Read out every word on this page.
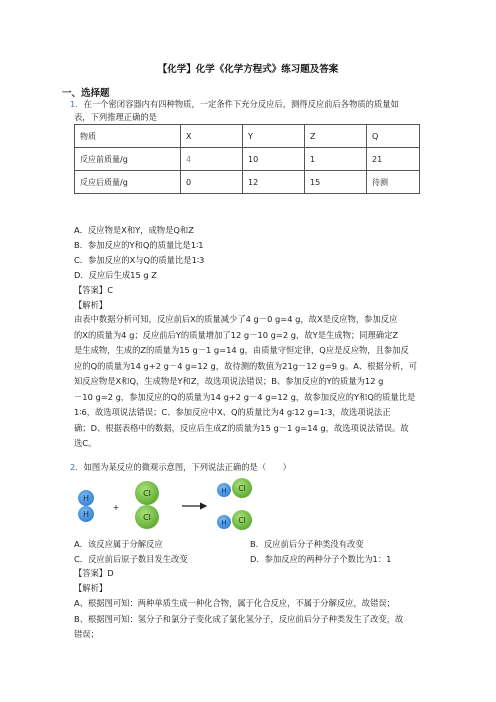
【化学】化学《化学方程式》练习题及答案
一、选择题
1．在一个密闭容器内有四种物质，一定条件下充分反应后，测得反应前后各物质的质量如
表，下列推理正确的是
物质	X	Y	Z	Q
反应前质量/g	4	10	1	21
反应后质量/g	0	12	15	待测
A．反应物是X和Y，成物是Q和Z
B．参加反应的Y和Q的质量比是1∶1
C．参加反应的X与Q的质量比是1∶3
D．反应后生成15 g Z
【答案】C
【解析】
由表中数据分析可知，反应前后X的质量减少了4 g－0 g=4 g，故X是反应物，参加反应
的X的质量为4 g；反应前后Y的质量增加了12 g－10 g=2 g，故Y是生成物；同理确定Z
是生成物，生成的Z的质量为15 g－1 g=14 g，由质量守恒定律，Q应是反应物，且参加反
应的Q的质量为14 g+2 g－4 g=12 g，故待测的数值为21g－12 g=9 g。A、根据分析，可
知反应物是X和Q，生成物是Y和Z，故选项说法错误；B、参加反应的Y的质量为12 g
－10 g=2 g，参加反应的Q的质量为14 g+2 g－4 g=12 g，故参加反应的Y和Q的质量比是
1∶6，故选项说法错误；C、参加反应中X、Q的质量比为4 g∶12 g=1∶3，故选项说法正
确；D、根据表格中的数据，反应后生成Z的质量为15 g－1 g=14 g，故选项说法错误。故
选C。
2．如图为某反应的微观示意图，下列说法正确的是（　　）
H
H
+
Cl
Cl
H Cl
H Cl
A．该反应属于分解反应	B．反应前后分子种类没有改变
C．反应前后原子数目发生改变	D．参加反应的两种分子个数比为1：1
【答案】D
【解析】
A、根据图可知：两种单质生成一种化合物，属于化合反应，不属于分解反应，故错误；
B、根据图可知：氢分子和氯分子变化成了氯化氢分子，反应前后分子种类发生了改变，故
错误；
